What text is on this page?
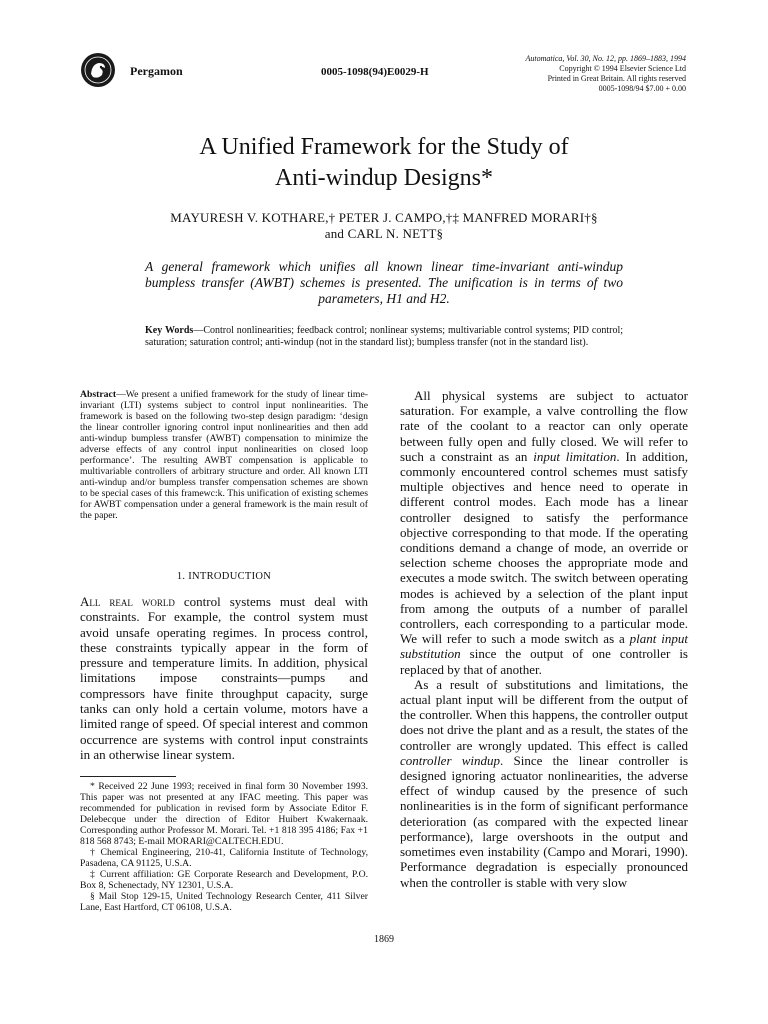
Pergamon	0005-1098(94)E0029-H
Automatica, Vol. 30, No. 12, pp. 1869–1883, 1994
Copyright © 1994 Elsevier Science Ltd
Printed in Great Britain. All rights reserved
0005-1098/94 $7.00 + 0.00
A Unified Framework for the Study of
Anti-windup Designs*
MAYURESH V. KOTHARE,† PETER J. CAMPO,†‡ MANFRED MORARI†§
and CARL N. NETT§
A general framework which unifies all known linear time-invariant anti-windup bumpless transfer (AWBT) schemes is presented. The unification is in terms of two parameters, H1 and H2.
Key Words—Control nonlinearities; feedback control; nonlinear systems; multivariable control systems; PID control; saturation; saturation control; anti-windup (not in the standard list); bumpless transfer (not in the standard list).
Abstract—We present a unified framework for the study of linear time-invariant (LTI) systems subject to control input nonlinearities. The framework is based on the following two-step design paradigm: ‘design the linear controller ignoring control input nonlinearities and then add anti-windup bumpless transfer (AWBT) compensation to minimize the adverse effects of any control input nonlinearities on closed loop performance’. The resulting AWBT compensation is applicable to multivariable controllers of arbitrary structure and order. All known LTI anti-windup and/or bumpless transfer compensation schemes are shown to be special cases of this framewc:k. This unification of existing schemes for AWBT compensation under a general framework is the main result of the paper.
1. INTRODUCTION
All real world control systems must deal with constraints. For example, the control system must avoid unsafe operating regimes. In process control, these constraints typically appear in the form of pressure and temperature limits. In addition, physical limitations impose constraints—pumps and compressors have finite throughput capacity, surge tanks can only hold a certain volume, motors have a limited range of speed. Of special interest and common occurrence are systems with control input constraints in an otherwise linear system.

* Received 22 June 1993; received in final form 30 November 1993. This paper was not presented at any IFAC meeting. This paper was recommended for publication in revised form by Associate Editor F. Delebecque under the direction of Editor Huibert Kwakernaak. Corresponding author Professor M. Morari. Tel. +1 818 395 4186; Fax +1 818 568 8743; E-mail MORARI@CALTECH.EDU.

† Chemical Engineering, 210-41, California Institute of Technology, Pasadena, CA 91125, U.S.A.

‡ Current affiliation: GE Corporate Research and Development, P.O. Box 8, Schenectady, NY 12301, U.S.A.

§ Mail Stop 129-15, United Technology Research Center, 411 Silver Lane, East Hartford, CT 06108, U.S.A.

All physical systems are subject to actuator saturation. For example, a valve controlling the flow rate of the coolant to a reactor can only operate between fully open and fully closed. We will refer to such a constraint as an input limitation. In addition, commonly encountered control schemes must satisfy multiple objectives and hence need to operate in different control modes. Each mode has a linear controller designed to satisfy the performance objective corresponding to that mode. If the operating conditions demand a change of mode, an override or selection scheme chooses the appropriate mode and executes a mode switch. The switch between operating modes is achieved by a selection of the plant input from among the outputs of a number of parallel controllers, each corresponding to a particular mode. We will refer to such a mode switch as a plant input substitution since the output of one controller is replaced by that of another.

As a result of substitutions and limitations, the actual plant input will be different from the output of the controller. When this happens, the controller output does not drive the plant and as a result, the states of the controller are wrongly updated. This effect is called controller windup. Since the linear controller is designed ignoring actuator nonlinearities, the adverse effect of windup caused by the presence of such nonlinearities is in the form of significant performance deterioration (as compared with the expected linear performance), large overshoots in the output and sometimes even instability (Campo and Morari, 1990). Performance degradation is especially pronounced when the controller is stable with very slow

1869
